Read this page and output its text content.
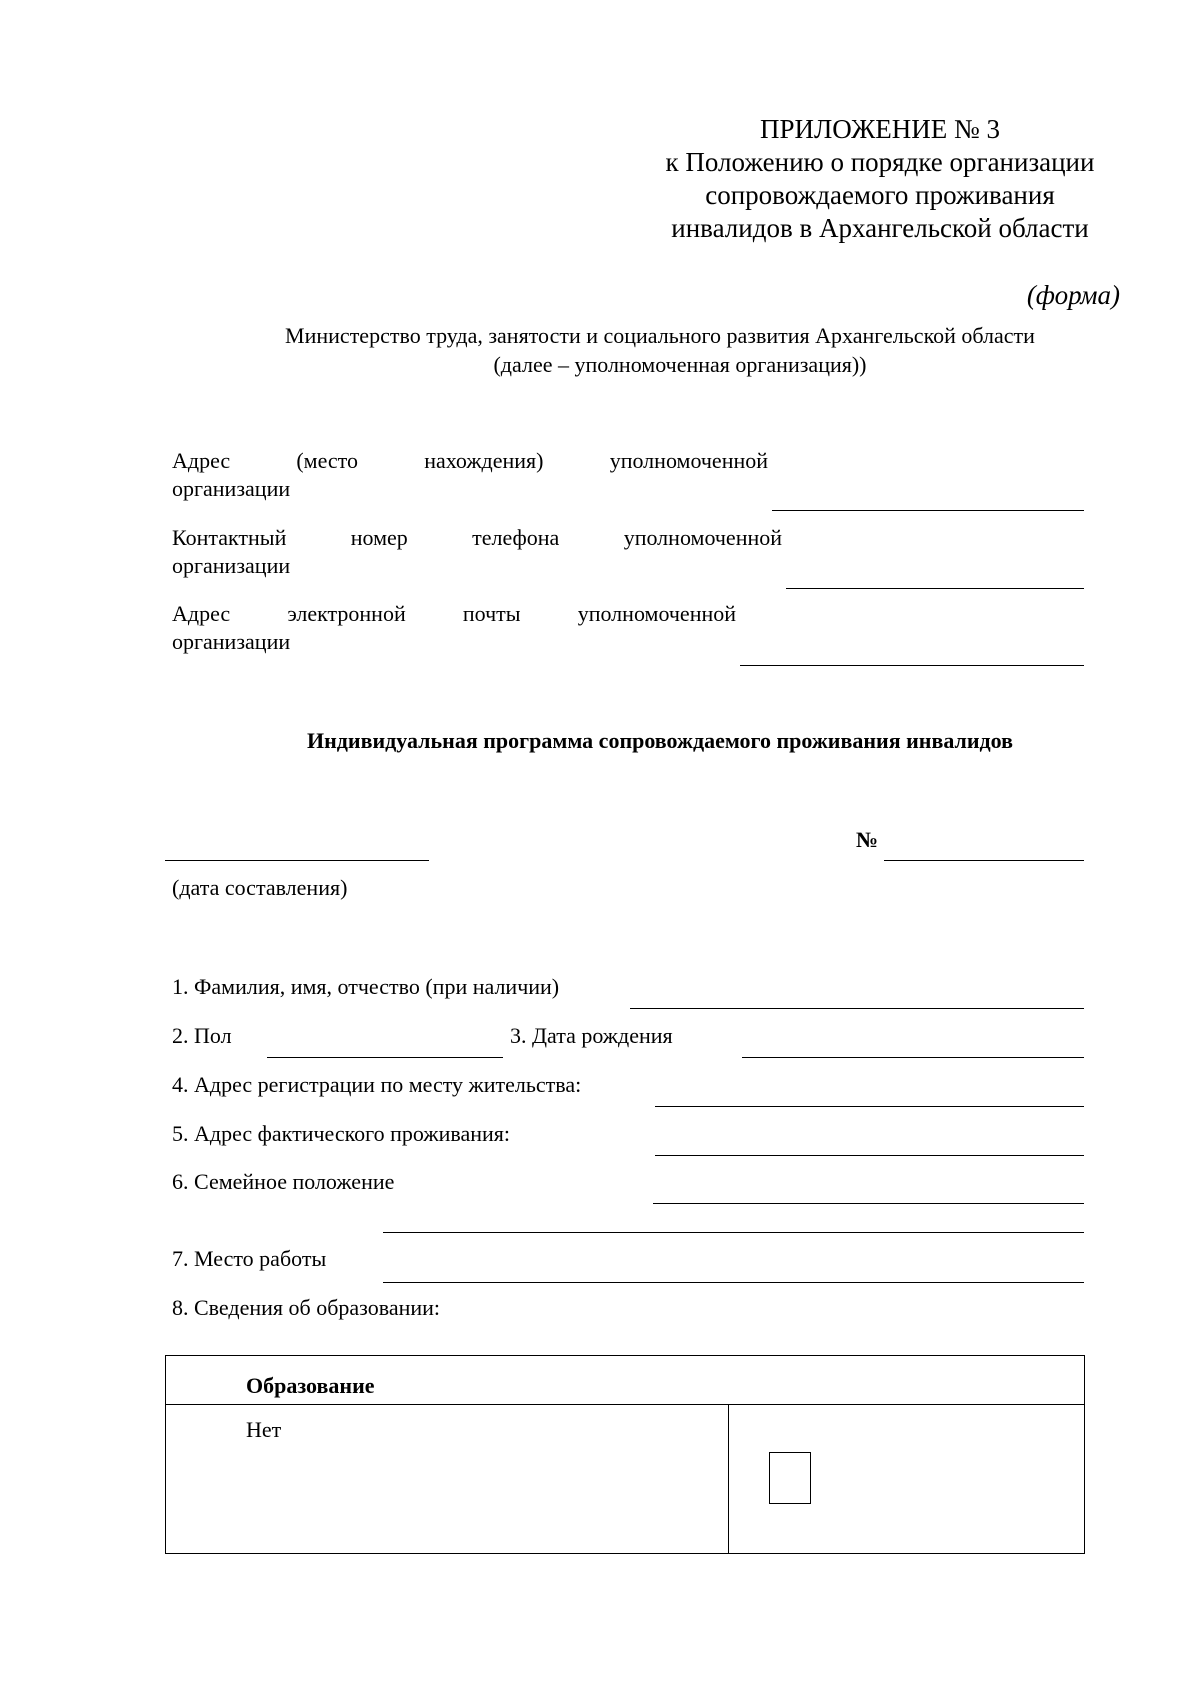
ПРИЛОЖЕНИЕ № 3
к Положению о порядке организации
сопровождаемого проживания
инвалидов в Архангельской области
(форма)
Министерство труда, занятости и социального развития Архангельской области
(далее – уполномоченная организация))
Адрес	(место	нахождения)	уполномоченной
организации
Контактный	номер	телефона	уполномоченной
организации
Адрес	электронной	почты	уполномоченной
организации
Индивидуальная программа сопровождаемого проживания инвалидов
№
(дата составления)
1. Фамилия, имя, отчество (при наличии)
2. Пол	3. Дата рождения
4. Адрес регистрации по месту жительства:
5. Адрес фактического проживания:
6. Семейное положение
7. Место работы
8. Сведения об образовании:
Образование

Нет
